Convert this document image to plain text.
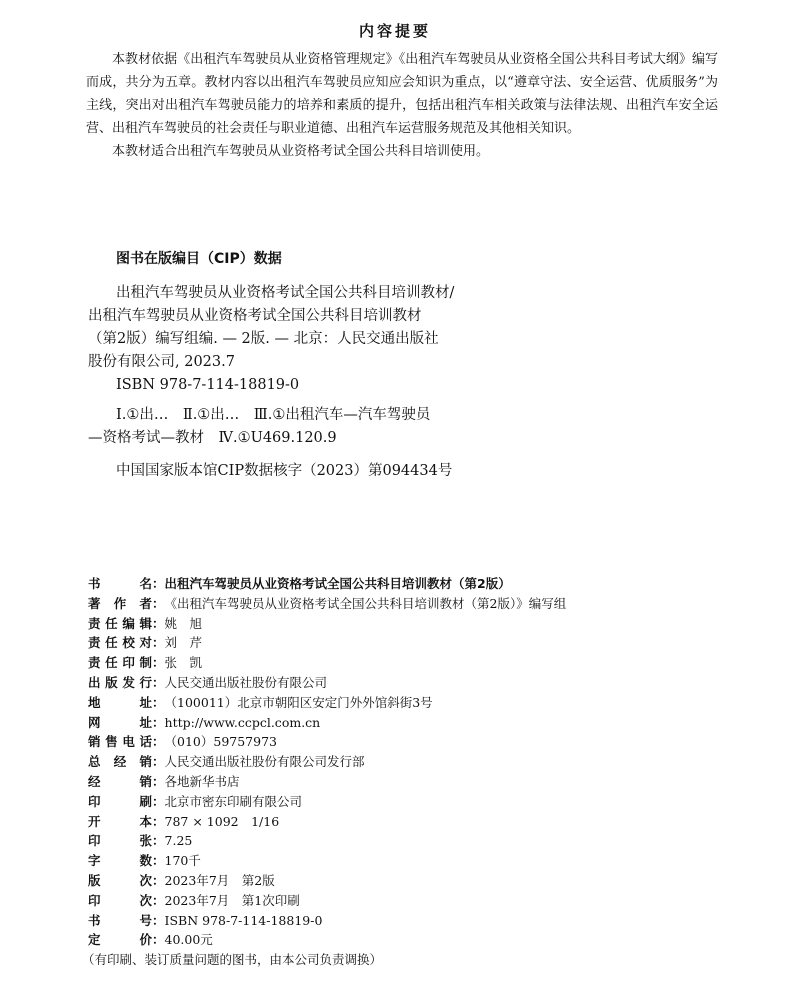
内容提要

本教材依据《出租汽车驾驶员从业资格管理规定》《出租汽车驾驶员从业资格全国公共科目考试大纲》编写而成，共分为五章。教材内容以出租汽车驾驶员应知应会知识为重点，以“遵章守法、安全运营、优质服务”为主线，突出对出租汽车驾驶员能力的培养和素质的提升，包括出租汽车相关政策与法律法规、出租汽车安全运营、出租汽车驾驶员的社会责任与职业道德、出租汽车运营服务规范及其他相关知识。

本教材适合出租汽车驾驶员从业资格考试全国公共科目培训使用。

图书在版编目（CIP）数据
出租汽车驾驶员从业资格考试全国公共科目培训教材/
出租汽车驾驶员从业资格考试全国公共科目培训教材
（第2版）编写组编. — 2版. — 北京：人民交通出版社
股份有限公司, 2023.7
ISBN 978-7-114-18819-0
Ⅰ.①出…　Ⅱ.①出…　Ⅲ.①出租汽车—汽车驾驶员
—资格考试—教材　Ⅳ.①U469.120.9
中国国家版本馆CIP数据核字（2023）第094434号
书名 ： 出租汽车驾驶员从业资格考试全国公共科目培训教材（第2版）
著作者 ： 《出租汽车驾驶员从业资格考试全国公共科目培训教材（第2版）》编写组
责任编辑 ： 姚　旭
责任校对 ： 刘　芹
责任印制 ： 张　凯
出版发行 ： 人民交通出版社股份有限公司
地址 ： （100011）北京市朝阳区安定门外外馆斜街3号
网址 ： http://www.ccpcl.com.cn
销售电话 ： （010）59757973
总经销 ： 人民交通出版社股份有限公司发行部
经销 ： 各地新华书店
印刷 ： 北京市密东印刷有限公司
开本 ： 787 × 1092　1/16
印张 ： 7.25
字数 ： 170千
版次 ： 2023年7月　第2版
印次 ： 2023年7月　第1次印刷
书号 ： ISBN 978-7-114-18819-0
定价 ： 40.00元
（有印刷、装订质量问题的图书，由本公司负责调换）
